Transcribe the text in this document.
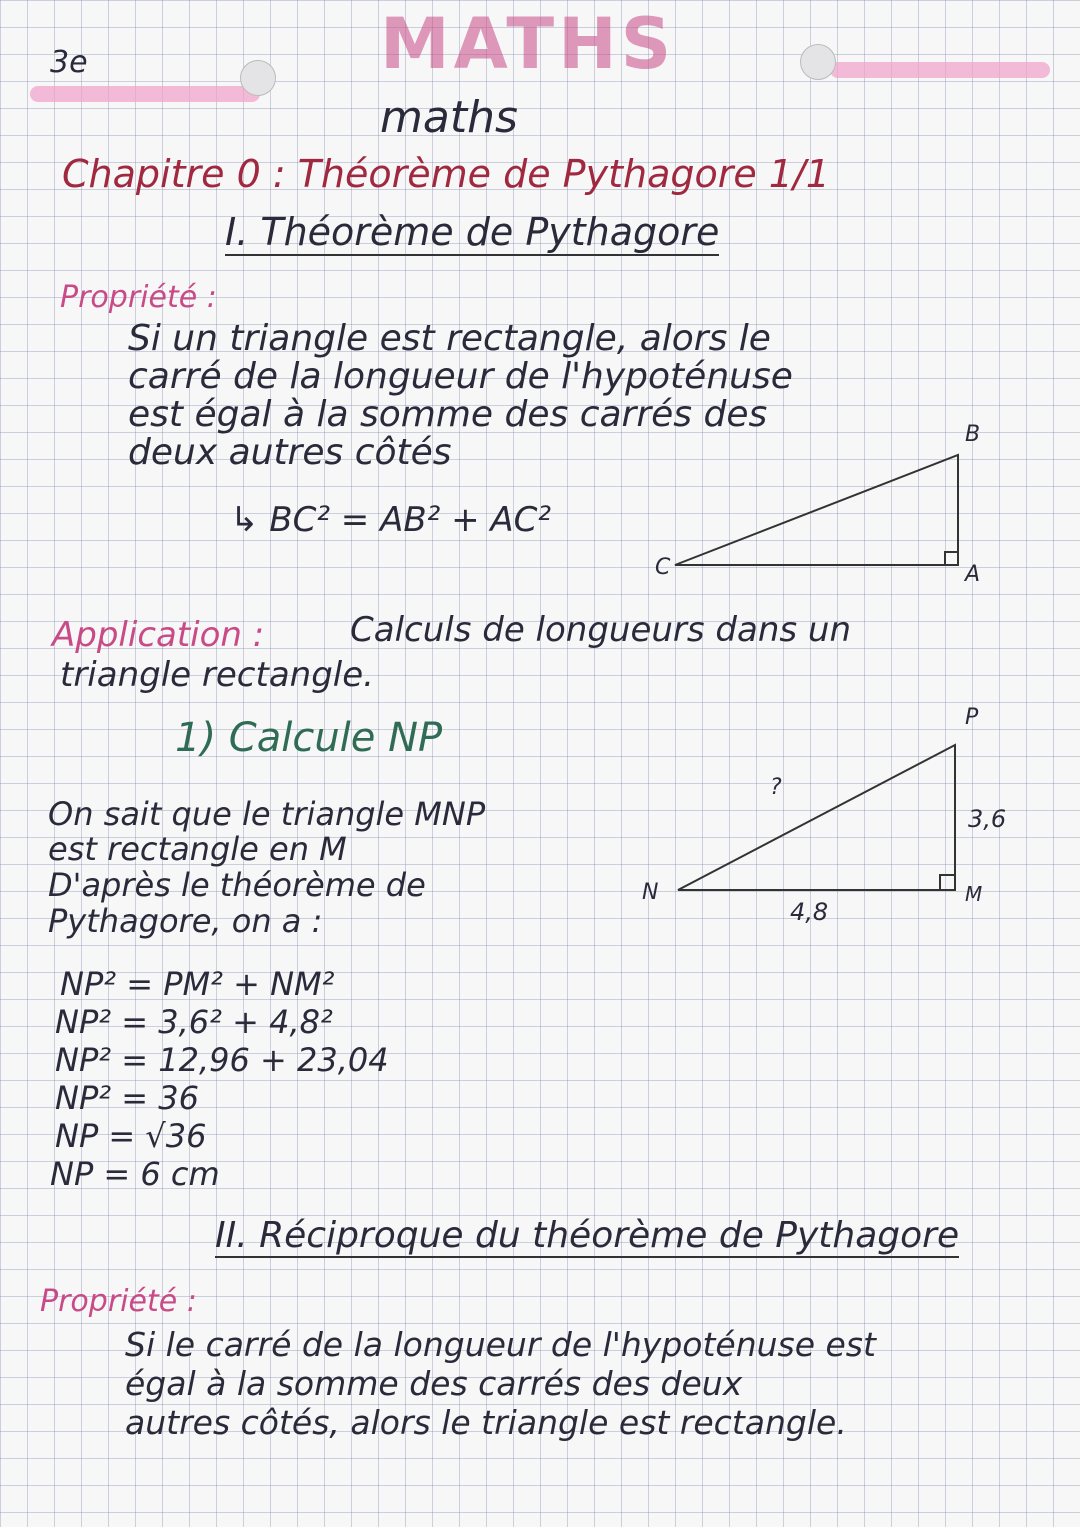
3e	MATHS
maths
Chapitre 0 : Théorème de Pythagore 1/1
I. Théorème de Pythagore
Propriété :
Si un triangle est rectangle, alors le
carré de la longueur de l'hypoténuse
est égal à la somme des carrés des
deux autres côtés
↳ BC² = AB² + AC²
B
A
C
Application :	Calculs de longueurs dans un
triangle rectangle.
1) Calcule NP
On sait que le triangle MNP
est rectangle en M
D'après le théorème de
Pythagore, on a :
P
N	M
?
3,6
4,8
NP² = PM² + NM²
NP² = 3,6² + 4,8²
NP² = 12,96 + 23,04
NP² = 36
NP = √36
NP = 6 cm
II. Réciproque du théorème de Pythagore
Propriété :
Si le carré de la longueur de l'hypoténuse est
égal à la somme des carrés des deux
autres côtés, alors le triangle est rectangle.
